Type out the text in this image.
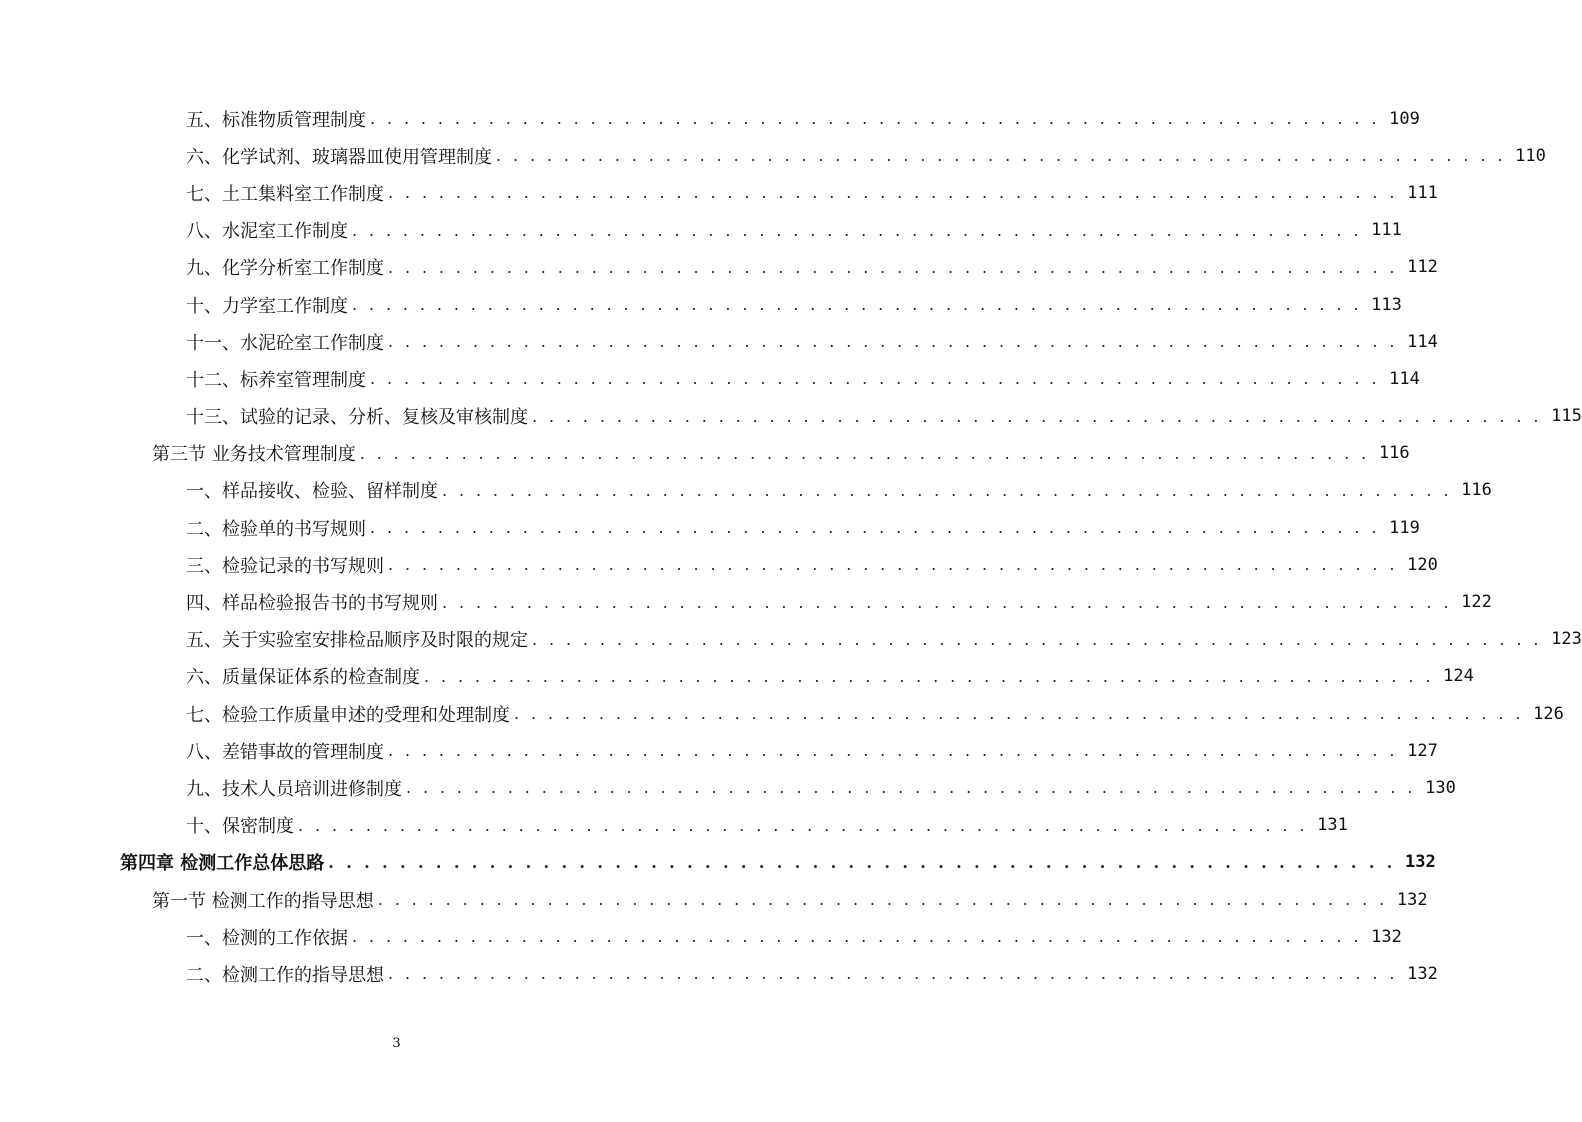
五、标准物质管理制度 . . . . . . . . . . . . . . . . . . . . . . . . . . . . . . . . . . . . . . . . . . . . . . . . . . . . . . . . . . . . 109
六、化学试剂、玻璃器皿使用管理制度 . . . . . . . . . . . . . . . . . . . . . . . . . . . . . . . . . . . . . . . . . . . . . . . . . . . . . . . . . . . . 110
七、土工集料室工作制度 . . . . . . . . . . . . . . . . . . . . . . . . . . . . . . . . . . . . . . . . . . . . . . . . . . . . . . . . . . . . 111
八、水泥室工作制度 . . . . . . . . . . . . . . . . . . . . . . . . . . . . . . . . . . . . . . . . . . . . . . . . . . . . . . . . . . . . 111
九、化学分析室工作制度 . . . . . . . . . . . . . . . . . . . . . . . . . . . . . . . . . . . . . . . . . . . . . . . . . . . . . . . . . . . . 112
十、力学室工作制度 . . . . . . . . . . . . . . . . . . . . . . . . . . . . . . . . . . . . . . . . . . . . . . . . . . . . . . . . . . . . 113
十一、水泥砼室工作制度 . . . . . . . . . . . . . . . . . . . . . . . . . . . . . . . . . . . . . . . . . . . . . . . . . . . . . . . . . . . . 114
十二、标养室管理制度 . . . . . . . . . . . . . . . . . . . . . . . . . . . . . . . . . . . . . . . . . . . . . . . . . . . . . . . . . . . . 114
十三、试验的记录、分析、复核及审核制度 . . . . . . . . . . . . . . . . . . . . . . . . . . . . . . . . . . . . . . . . . . . . . . . . . . . . . . . . . . . . 115
第三节 业务技术管理制度 . . . . . . . . . . . . . . . . . . . . . . . . . . . . . . . . . . . . . . . . . . . . . . . . . . . . . . . . . . . . 116
一、样品接收、检验、留样制度 . . . . . . . . . . . . . . . . . . . . . . . . . . . . . . . . . . . . . . . . . . . . . . . . . . . . . . . . . . . . 116
二、检验单的书写规则 . . . . . . . . . . . . . . . . . . . . . . . . . . . . . . . . . . . . . . . . . . . . . . . . . . . . . . . . . . . . 119
三、检验记录的书写规则 . . . . . . . . . . . . . . . . . . . . . . . . . . . . . . . . . . . . . . . . . . . . . . . . . . . . . . . . . . . . 120
四、样品检验报告书的书写规则 . . . . . . . . . . . . . . . . . . . . . . . . . . . . . . . . . . . . . . . . . . . . . . . . . . . . . . . . . . . . 122
五、关于实验室安排检品顺序及时限的规定 . . . . . . . . . . . . . . . . . . . . . . . . . . . . . . . . . . . . . . . . . . . . . . . . . . . . . . . . . . . . 123
六、质量保证体系的检查制度 . . . . . . . . . . . . . . . . . . . . . . . . . . . . . . . . . . . . . . . . . . . . . . . . . . . . . . . . . . . . 124
七、检验工作质量申述的受理和处理制度 . . . . . . . . . . . . . . . . . . . . . . . . . . . . . . . . . . . . . . . . . . . . . . . . . . . . . . . . . . . . 126
八、差错事故的管理制度 . . . . . . . . . . . . . . . . . . . . . . . . . . . . . . . . . . . . . . . . . . . . . . . . . . . . . . . . . . . . 127
九、技术人员培训进修制度 . . . . . . . . . . . . . . . . . . . . . . . . . . . . . . . . . . . . . . . . . . . . . . . . . . . . . . . . . . . . 130
十、保密制度 . . . . . . . . . . . . . . . . . . . . . . . . . . . . . . . . . . . . . . . . . . . . . . . . . . . . . . . . . . . . 131
第四章 检测工作总体思路 . . . . . . . . . . . . . . . . . . . . . . . . . . . . . . . . . . . . . . . . . . . . . . . . . . . . . . . . . . . . 132
第一节 检测工作的指导思想 . . . . . . . . . . . . . . . . . . . . . . . . . . . . . . . . . . . . . . . . . . . . . . . . . . . . . . . . . . . . 132
一、检测的工作依据 . . . . . . . . . . . . . . . . . . . . . . . . . . . . . . . . . . . . . . . . . . . . . . . . . . . . . . . . . . . . 132
二、检测工作的指导思想 . . . . . . . . . . . . . . . . . . . . . . . . . . . . . . . . . . . . . . . . . . . . . . . . . . . . . . . . . . . . 132
3
